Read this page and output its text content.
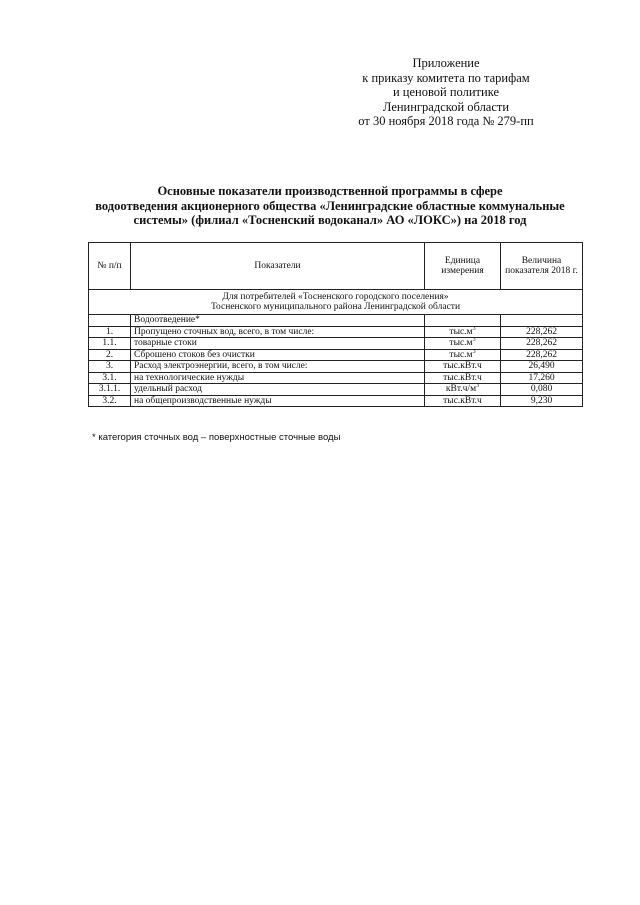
Приложение
к приказу комитета по тарифам
и ценовой политике
Ленинградской области
от 30 ноября 2018 года № 279-пп
Основные показатели производственной программы в сфере
водоотведения акционерного общества «Ленинградские областные коммунальные
системы» (филиал «Тосненский водоканал» АО «ЛОКС») на 2018 год
№ п/п	Показатели	Единица измерения	Величина показателя 2018 г.

Для потребителей «Тосненского городского поселения»
Тосненского муниципального района Ленинградской области			

	Водоотведение*		
1.	Пропущено сточных вод, всего, в том числе:	$тыс.м^3$	228,262
1.1.	товарные стоки	$тыс.м^3$	228,262
2.	Сброшено стоков без очистки	$тыс.м^3$	228,262
3.	Расход электроэнергии, всего, в том числе:	тыс.кВт.ч	26,490
3.1.	на технологические нужды	тыс.кВт.ч	17,260
3.1.1.	удельный расход	$кВт.ч/м^3$	0,080
3.2.	на общепроизводственные нужды	тыс.кВт.ч	9,230
* категория сточных вод – поверхностные сточные воды
